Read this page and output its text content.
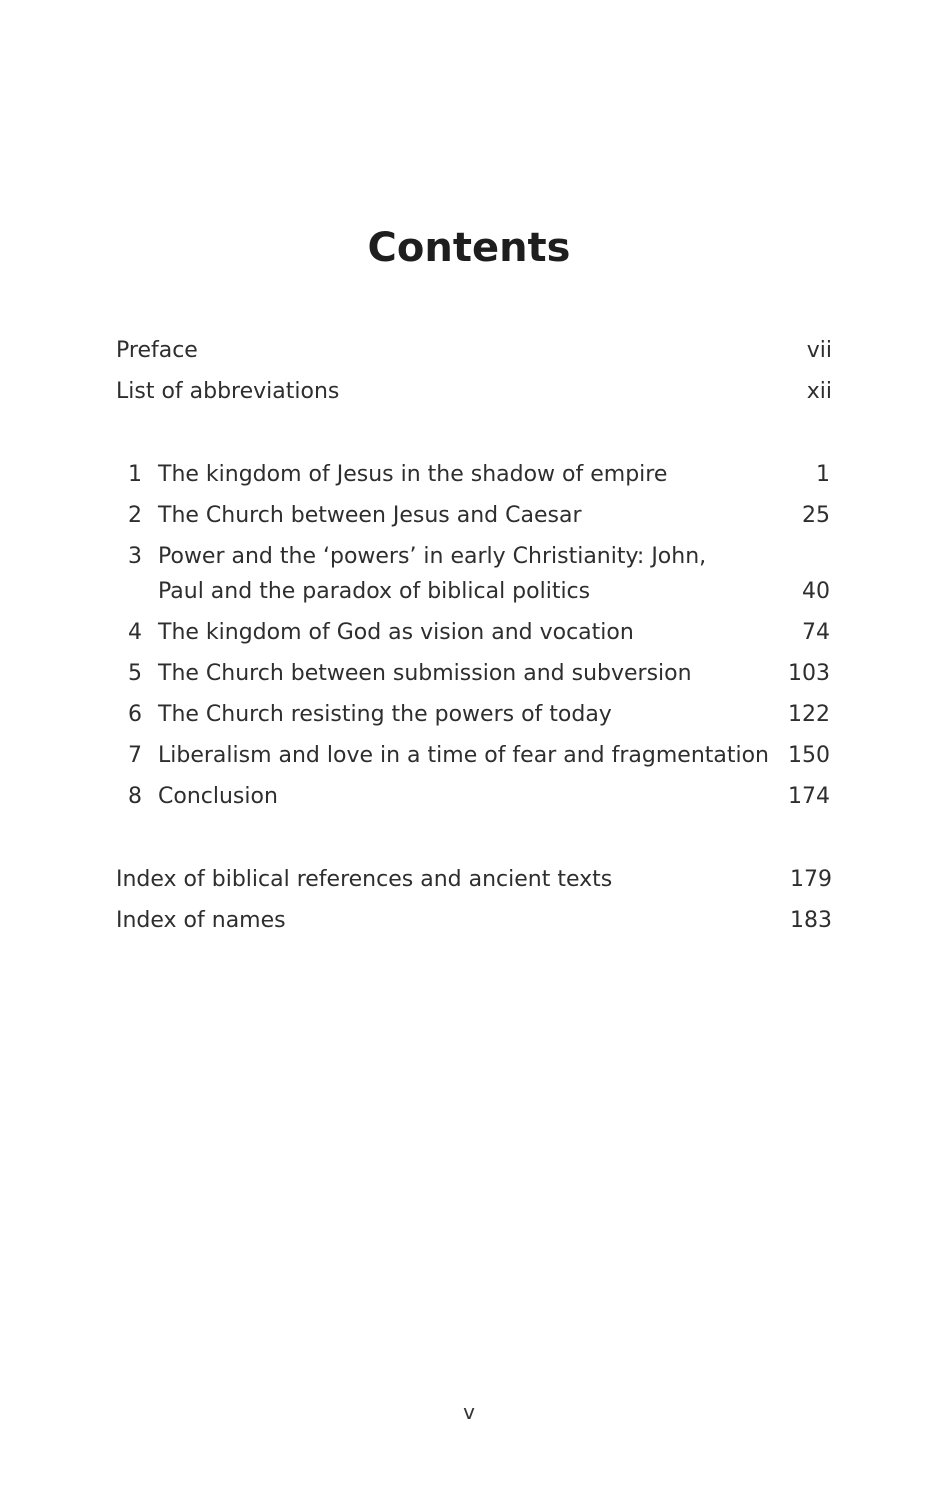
Contents
Preface	vii
List of abbreviations	xii
1 The kingdom of Jesus in the shadow of empire	1
2 The Church between Jesus and Caesar	25
3 Power and the ‘powers’ in early Christianity: John,
Paul and the paradox of biblical politics	40
4 The kingdom of God as vision and vocation	74
5 The Church between submission and subversion	103
6 The Church resisting the powers of today	122
7 Liberalism and love in a time of fear and fragmentation 150
8 Conclusion	174
Index of biblical references and ancient texts	179
Index of names	183
v
